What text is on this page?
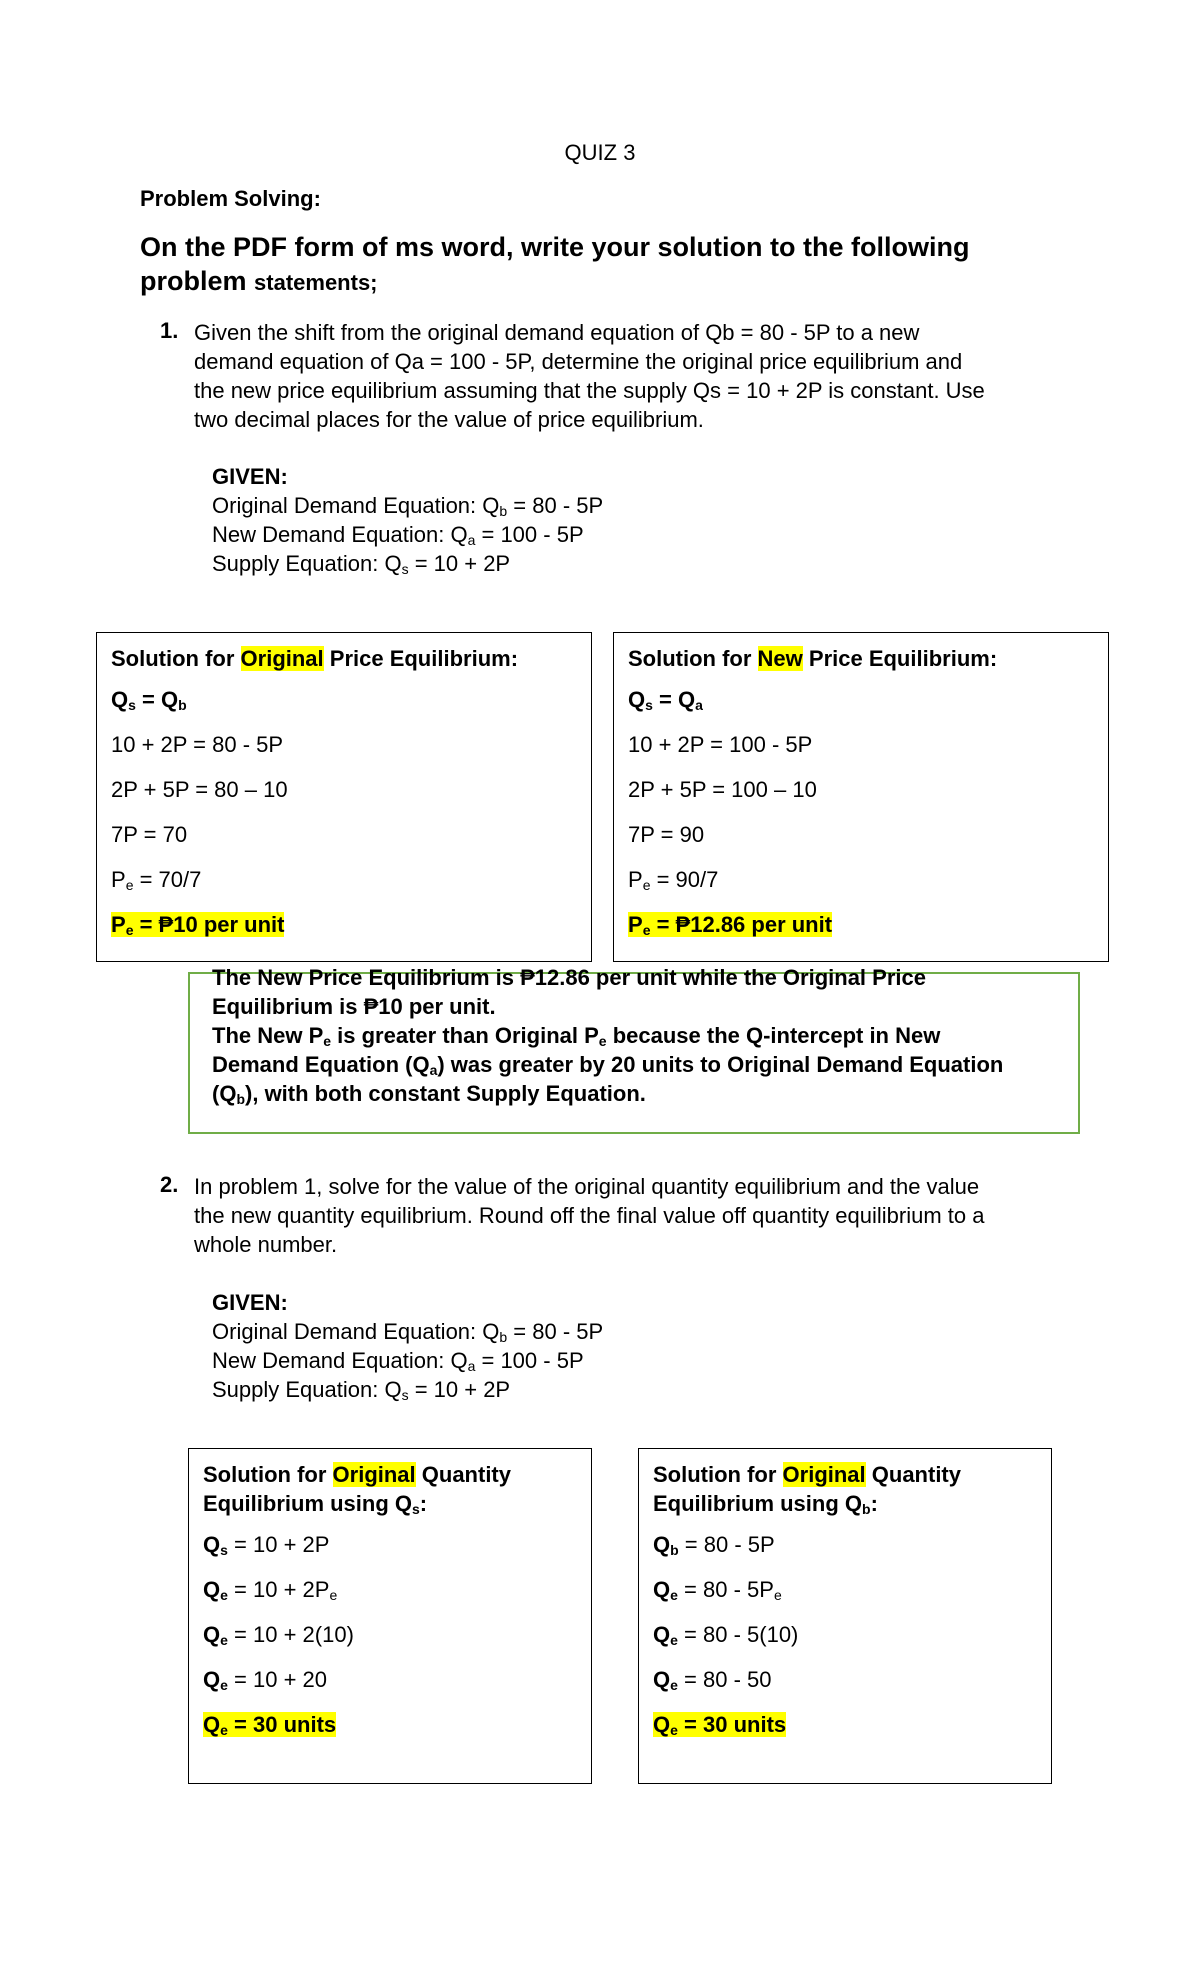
QUIZ 3
Problem Solving:
On the PDF form of ms word, write your solution to the following problem statements;
1. Given the shift from the original demand equation of Qb = 80 - 5P to a new
demand equation of Qa = 100 - 5P, determine the original price equilibrium and
the new price equilibrium assuming that the supply Qs = 10 + 2P is constant. Use
two decimal places for the value of price equilibrium.
GIVEN:
Original Demand Equation: $Q_b = 80 - 5P$
New Demand Equation: $Q_a = 100 - 5P$
Supply Equation: $Q_s = 10 + 2P$
Solution for Original Price Equilibrium:
$Q_s = Q_b$
10 + 2P = 80 - 5P
2P + 5P = 80 – 10
7P = 70
$P_e = 70/7$
$P_e$ = ₱10 per unit
Solution for New Price Equilibrium:
$Q_s = Q_a$
10 + 2P = 100 - 5P
2P + 5P = 100 – 10
7P = 90
$P_e = 90/7$
$P_e$ = ₱12.86 per unit
The New Price Equilibrium is ₱12.86 per unit while the Original Price
Equilibrium is ₱10 per unit.
The New $P_e$ is greater than Original $P_e$ because the Q-intercept in New
Demand Equation $(Q_a)$ was greater by 20 units to Original Demand Equation
$(Q_b)$, with both constant Supply Equation.
2. In problem 1, solve for the value of the original quantity equilibrium and the value
the new quantity equilibrium. Round off the final value off quantity equilibrium to a
whole number.
GIVEN:
Original Demand Equation: $Q_b = 80 - 5P$
New Demand Equation: $Q_a = 100 - 5P$
Supply Equation: $Q_s = 10 + 2P$
Solution for Original Quantity
Equilibrium using $Q_s$:
$Q_s = 10 + 2P$
$Q_e = 10 + 2P_e$
$Q_e = 10 + 2(10)$
$Q_e = 10 + 20$
$Q_e = 30$ units
Solution for Original Quantity
Equilibrium using $Q_b$:
$Q_b = 80 - 5P$
$Q_e = 80 - 5P_e$
$Q_e = 80 - 5(10)$
$Q_e = 80 - 50$
$Q_e = 30$ units
